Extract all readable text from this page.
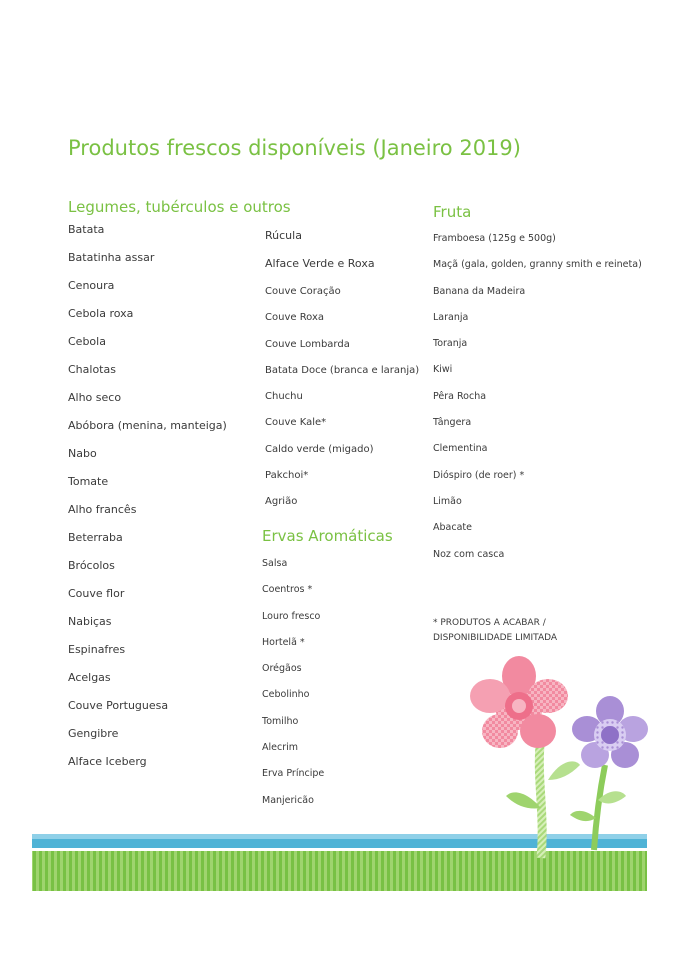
Produtos frescos disponíveis (Janeiro 2019)
Legumes, tubérculos e outros
Batata
Batatinha assar
Cenoura
Cebola roxa
Cebola
Chalotas
Alho seco
Abóbora (menina, manteiga)
Nabo
Tomate
Alho francês
Beterraba
Brócolos
Couve flor
Nabiças
Espinafres
Acelgas
Couve Portuguesa
Gengibre
Alface Iceberg
Rúcula
Alface Verde e Roxa
Couve Coração
Couve Roxa
Couve Lombarda
Batata Doce (branca e laranja)
Chuchu
Couve Kale*
Caldo verde (migado)
Pakchoi*
Agrião
Ervas Aromáticas
Salsa
Coentros *
Louro fresco
Hortelã *
Orégãos
Cebolinho
Tomilho
Alecrim
Erva Príncipe
Manjericão
Fruta
Framboesa (125g e 500g)
Maçã (gala, golden, granny smith e reineta)
Banana da Madeira
Laranja
Toranja
Kiwi
Pêra Rocha
Tângera
Clementina
Dióspiro (de roer) *
Limão
Abacate
Noz com casca

* PRODUTOS A ACABAR / DISPONIBILIDADE LIMITADA
